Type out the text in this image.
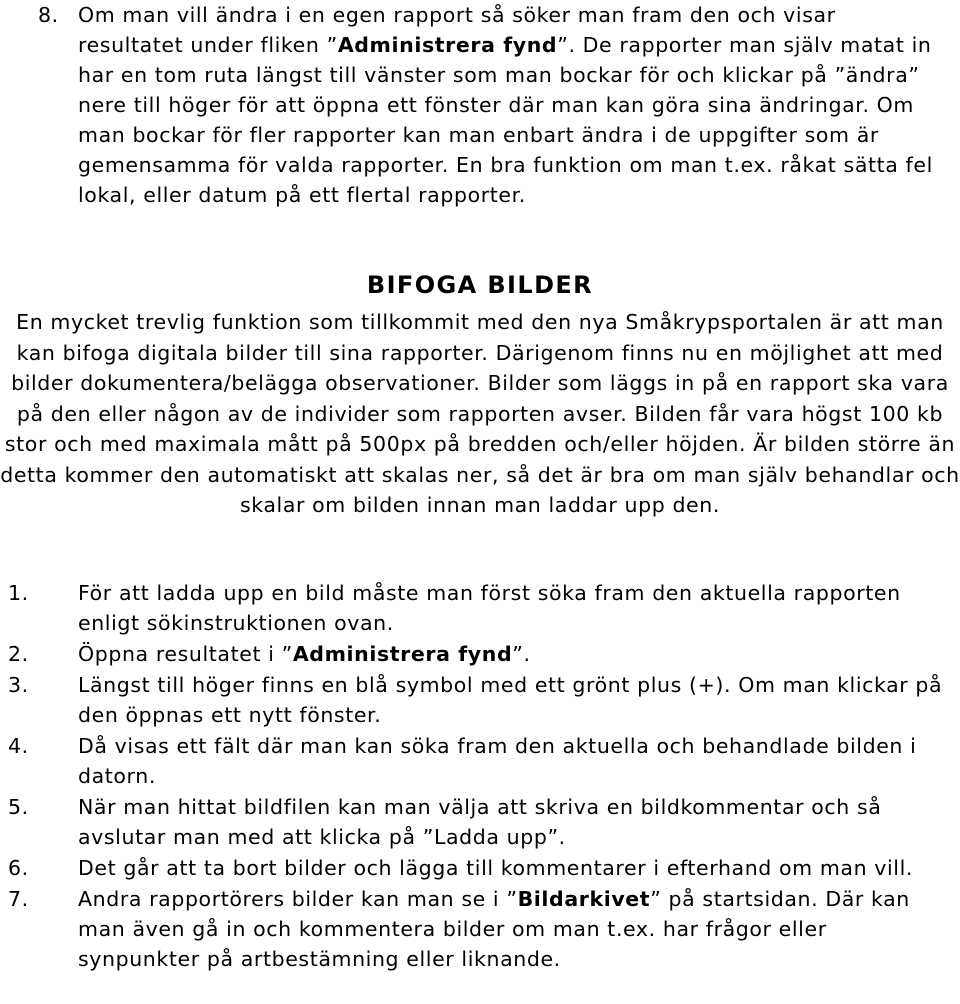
8. Om man vill ändra i en egen rapport så söker man fram den och visar resultatet under fliken ”Administrera fynd”. De rapporter man själv matat in har en tom ruta längst till vänster som man bockar för och klickar på ”ändra” nere till höger för att öppna ett fönster där man kan göra sina ändringar. Om man bockar för fler rapporter kan man enbart ändra i de uppgifter som är gemensamma för valda rapporter. En bra funktion om man t.ex. råkat sätta fel lokal, eller datum på ett flertal rapporter.
BIFOGA BILDER
En mycket trevlig funktion som tillkommit med den nya Småkrypsportalen är att man kan bifoga digitala bilder till sina rapporter. Därigenom finns nu en möjlighet att med bilder dokumentera/belägga observationer. Bilder som läggs in på en rapport ska vara på den eller någon av de individer som rapporten avser. Bilden får vara högst 100 kb stor och med maximala mått på 500px på bredden och/eller höjden. Är bilden större än detta kommer den automatiskt att skalas ner, så det är bra om man själv behandlar och skalar om bilden innan man laddar upp den.
1. För att ladda upp en bild måste man först söka fram den aktuella rapporten enligt sökinstruktionen ovan.
2. Öppna resultatet i ”Administrera fynd”.
3. Längst till höger finns en blå symbol med ett grönt plus (+). Om man klickar på den öppnas ett nytt fönster.
4. Då visas ett fält där man kan söka fram den aktuella och behandlade bilden i datorn.
5. När man hittat bildfilen kan man välja att skriva en bildkommentar och så avslutar man med att klicka på ”Ladda upp”.
6. Det går att ta bort bilder och lägga till kommentarer i efterhand om man vill.
7. Andra rapportörers bilder kan man se i ”Bildarkivet” på startsidan. Där kan man även gå in och kommentera bilder om man t.ex. har frågor eller synpunkter på artbestämning eller liknande.
